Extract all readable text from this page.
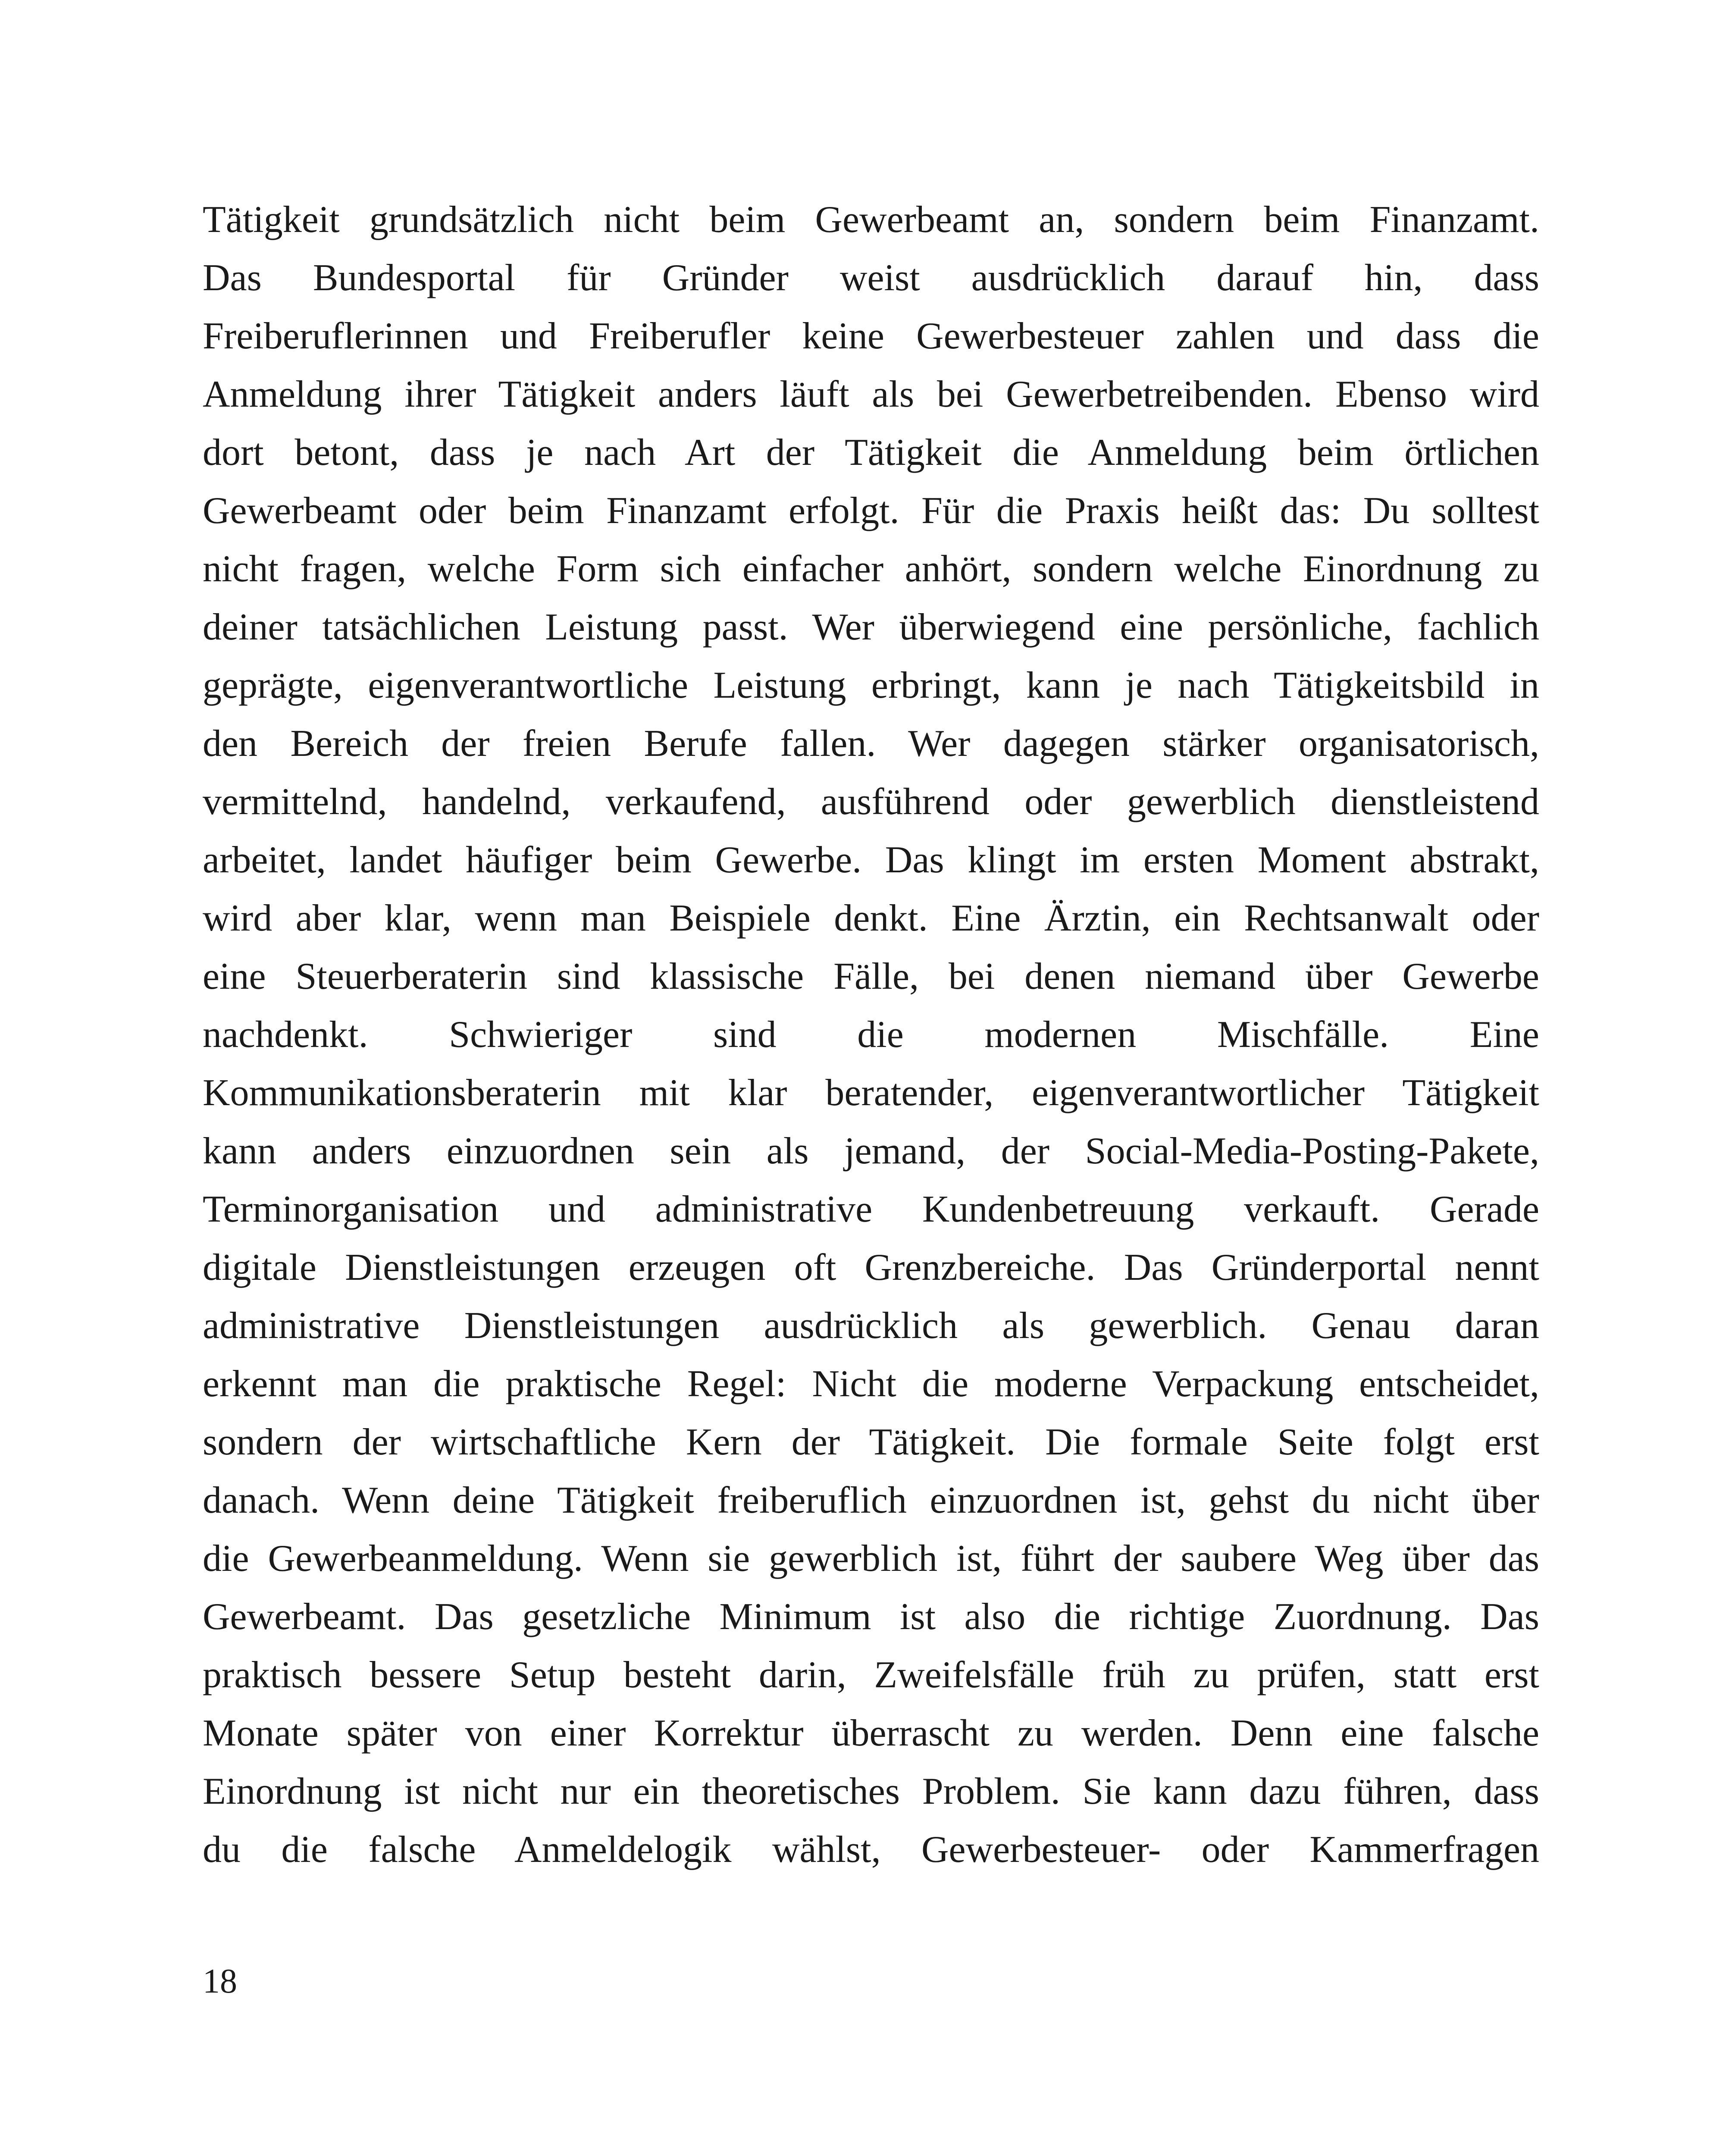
Tätigkeit grundsätzlich nicht beim Gewerbeamt an, sondern beim Finanzamt.
Das Bundesportal für Gründer weist ausdrücklich darauf hin, dass
Freiberuflerinnen und Freiberufler keine Gewerbesteuer zahlen und dass die
Anmeldung ihrer Tätigkeit anders läuft als bei Gewerbetreibenden. Ebenso wird
dort betont, dass je nach Art der Tätigkeit die Anmeldung beim örtlichen
Gewerbeamt oder beim Finanzamt erfolgt. Für die Praxis heißt das: Du solltest
nicht fragen, welche Form sich einfacher anhört, sondern welche Einordnung zu
deiner tatsächlichen Leistung passt. Wer überwiegend eine persönliche, fachlich
geprägte, eigenverantwortliche Leistung erbringt, kann je nach Tätigkeitsbild in
den Bereich der freien Berufe fallen. Wer dagegen stärker organisatorisch,
vermittelnd, handelnd, verkaufend, ausführend oder gewerblich dienstleistend
arbeitet, landet häufiger beim Gewerbe. Das klingt im ersten Moment abstrakt,
wird aber klar, wenn man Beispiele denkt. Eine Ärztin, ein Rechtsanwalt oder
eine Steuerberaterin sind klassische Fälle, bei denen niemand über Gewerbe
nachdenkt. Schwieriger sind die modernen Mischfälle. Eine
Kommunikationsberaterin mit klar beratender, eigenverantwortlicher Tätigkeit
kann anders einzuordnen sein als jemand, der Social-Media-Posting-Pakete,
Terminorganisation und administrative Kundenbetreuung verkauft. Gerade
digitale Dienstleistungen erzeugen oft Grenzbereiche. Das Gründerportal nennt
administrative Dienstleistungen ausdrücklich als gewerblich. Genau daran
erkennt man die praktische Regel: Nicht die moderne Verpackung entscheidet,
sondern der wirtschaftliche Kern der Tätigkeit. Die formale Seite folgt erst
danach. Wenn deine Tätigkeit freiberuflich einzuordnen ist, gehst du nicht über
die Gewerbeanmeldung. Wenn sie gewerblich ist, führt der saubere Weg über das
Gewerbeamt. Das gesetzliche Minimum ist also die richtige Zuordnung. Das
praktisch bessere Setup besteht darin, Zweifelsfälle früh zu prüfen, statt erst
Monate später von einer Korrektur überrascht zu werden. Denn eine falsche
Einordnung ist nicht nur ein theoretisches Problem. Sie kann dazu führen, dass
du die falsche Anmeldelogik wählst, Gewerbesteuer- oder Kammerfragen
18
